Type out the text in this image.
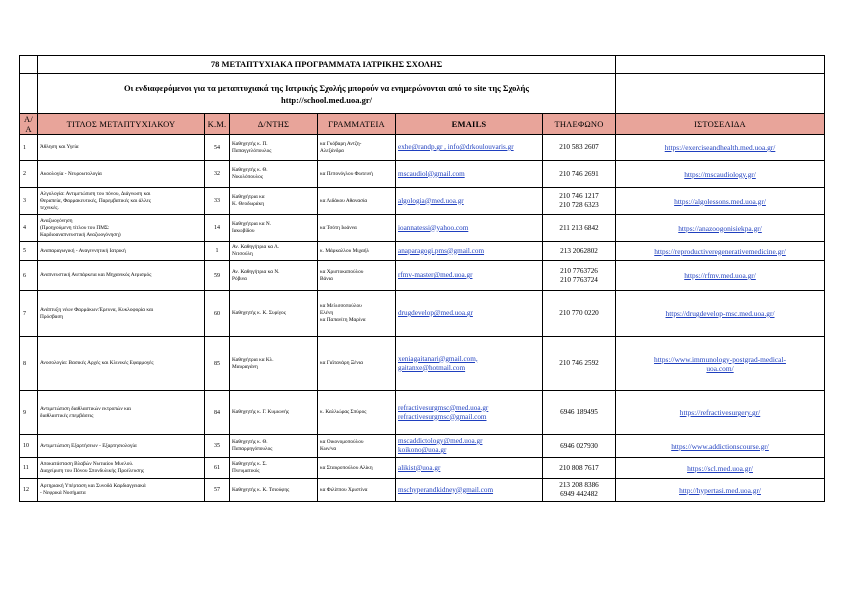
	78 ΜΕΤΑΠΤΥΧΙΑΚΑ ΠΡΟΓΡΑΜΜΑΤΑ ΙΑΤΡΙΚΗΣ ΣΧΟΛΗΣ						

	Οι ενδιαφερόμενοι για τα μεταπτυχιακά της Ιατρικής Σχολής μπορούν να ενημερώνονται από το site της Σχολής
http://school.med.uoa.gr/						

Α/Α	ΤΙΤΛΟΣ ΜΕΤΑΠΤΥΧΙΑΚΟΥ	Κ.Μ.	Δ/ΝΤΗΣ	ΓΡΑΜΜΑΤΕΙΑ	EMAILS	ΤΗΛΕΦΩΝΟ	ΙΣΤΟΣΕΛΙΔΑ
1	Άθληση και Υγεία	54	Καθηγητής κ. Π.
Παπαγγελόπουλος	κα Γκόβαρη Αντζη-
Αλεξάνδρα	exhe@randp.gr , info@drkoulouvaris.gr	210 583 2607	https://exerciseandhealth.med.uoa.gr/

2	Ακοολογία - Νευροωτολογία	32	Καθηγητής κ. Θ.
Νικολόπουλος	κα Πεπονόγλου Φωτεινή	mscaudiol@gmail.com	210 746 2691	https://mscaudiology.gr/

3	Αλγολογία: Αντιμετώπιση του πόνου, Διάγνωση και
Θεραπεία, Φαρμακευτικές, Παρεμβατικές και άλλες
τεχνικές.	33	Καθηγήτρια κα
Κ. Θεοδωράκη	κα Λιδάκου Αθανασία	algologia@med.uoa.gr	210 746 1217
210 728 6323	https://algolessons.med.uoa.gr/

4	Αναζωογόνηση
(Προηγούμενη τίτλου του ΠΜΣ:
Καρδιοαναπνευστική Αναζωογόνηση)	14	Καθηγήτρια κα Ν.
Ιακωβίδου	κα Τσότη Ιωάννα	ioannatessi@yahoo.com	211 213 6842	https://anazoogonisiekpa.gr/

5	Αναπαραγωγική - Αναγεννητική Ιατρική	1	Αν. Καθηγήτρια κα Λ.
Νιτσούλη	κ. Μάρκαλλου Μιχαήλ	anaparagogi.pms@gmail.com	213 2062802	https://reproductiveregenerativemedicine.gr/

6	Αναπνευστική Ανεπάρκεια και Μηχανικός Αερισμός	59	Αν. Καθηγήτρια κα Ν.
Ρόβινα	κα Χριστοκαπούλου
Βάνια	rfmv-master@med.uoa.gr	210 7763726
210 7763724	https://rfmv.med.uoa.gr/

7	Ανάπτυξη νέων Φαρμάκων:Έρευνα, Κυκλοφορία και
Πρόσβαση	60	Καθηγητής κ. Κ. Συρίγος	κα Μελισσοπούλου
Ελένη
κα Παπανίτη Μαρίνα	drugdevelop@med.uoa.gr	210 770 0220	https://drugdevelop-msc.med.uoa.gr/

8	Ανοσολογία: Βασικές Αρχές και Κλινικές Εφαρμογές	85	Καθηγήτρια κα Κλ.
Μαυραγάνη	κα Γαϊτανάρη Ξένια	xeniagaitanari@gmail.com,
gaitanxe@hotmail.com	210 746 2592	https://www.immunology-postgrad-medical-
uoa.com/

9	Αντιμετώπιση διαθλαστικών εκτροπών και
διαθλαστικές επεμβάσεις	84	Καθηγητής κ. Γ. Κυμιωνής	κ. Καλλιώρας Σπύρος	refractivesurgmsc@med.uoa.gr
refractivesurgmsc@gmail.com	6946 189495	https://refractivesurgery.gr/

10	Αντιμετώπιση Εξαρτήσεων - Εξαρτησιολογία	35	Καθηγητής κ. Θ.
Παπαρρηγόπουλος	κα Οικονομοπούλου
Κων/να	mscaddictology@med.uoa.gr
koikono@uoa.gr	6946 027930	https://www.addictionscourse.gr/

11	Αποκατάσταση Βλαβών Νωτιαίου Μυελού.
Διαχείριση του Πόνου Σπονδυλικής Προέλευσης	61	Καθηγητής κ. Σ.
Πνευματικός	κα Σταυροπούλου Αλίκη	alikist@uoa.gr	210 808 7617	https://scl.med.uoa.gr/

12	Αρτηριακή Υπέρταση και Συνοδά Καρδιαγγειακά
- Νεφρικά Νοσήματα	57	Καθηγητής κ. Κ. Τσιούφης	κα Φιλίππου Χριστίνα	mschyperandkidney@gmail.com	213 208 8386
6949 442482	http://hypertasi.med.uoa.gr/
